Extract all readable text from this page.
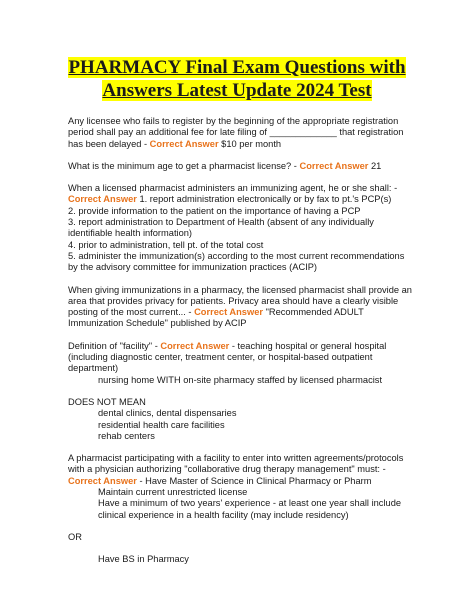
PHARMACY Final Exam Questions with
Answers Latest Update 2024 Test

Any licensee who fails to register by the beginning of the appropriate registration period shall pay an additional fee for late filing of _____________ that registration has been delayed - Correct Answer $10 per month

What is the minimum age to get a pharmacist license? - Correct Answer 21

When a licensed pharmacist administers an immunizing agent, he or she shall: - Correct Answer 1. report administration electronically or by fax to pt.'s PCP(s)
2. provide information to the patient on the importance of having a PCP
3. report administration to Department of Health (absent of any individually identifiable health information)
4. prior to administration, tell pt. of the total cost
5. administer the immunization(s) according to the most current recommendations by the advisory committee for immunization practices (ACIP)

When giving immunizations in a pharmacy, the licensed pharmacist shall provide an area that provides privacy for patients. Privacy area should have a clearly visible posting of the most current... - Correct Answer "Recommended ADULT Immunization Schedule" published by ACIP

Definition of "facility" - Correct Answer - teaching hospital or general hospital (including diagnostic center, treatment center, or hospital-based outpatient department)
nursing home WITH on-site pharmacy staffed by licensed pharmacist

DOES NOT MEAN
dental clinics, dental dispensaries
residential health care facilities
rehab centers

A pharmacist participating with a facility to enter into written agreements/protocols with a physician authorizing "collaborative drug therapy management" must: - Correct Answer - Have Master of Science in Clinical Pharmacy or Pharm
Maintain current unrestricted license
Have a minimum of two years' experience - at least one year shall include clinical experience in a health facility (may include residency)

OR

Have BS in Pharmacy
